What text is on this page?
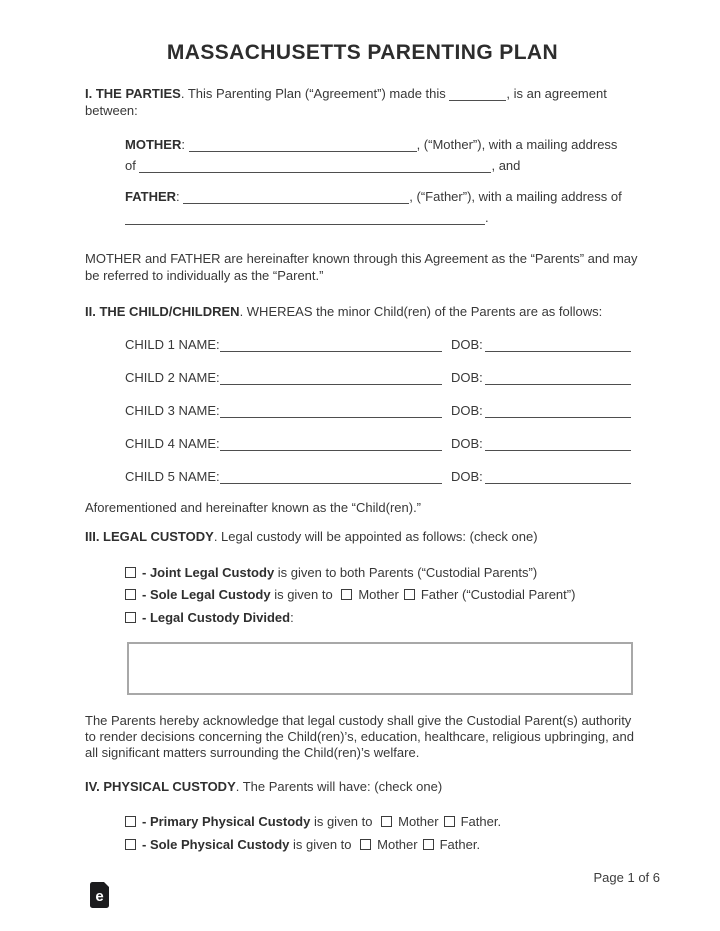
MASSACHUSETTS PARENTING PLAN

I. THE PARTIES. This Parenting Plan (“Agreement”) made this	, is an agreement between:

MOTHER:	, (“Mother”), with a mailing address
of	, and
FATHER:	, (“Father”), with a mailing address of
.

MOTHER and FATHER are hereinafter known through this Agreement as the “Parents” and may be referred to individually as the “Parent.”

II. THE CHILD/CHILDREN. WHEREAS the minor Child(ren) of the Parents are as follows:

CHILD 1 NAME:	DOB:
CHILD 2 NAME:	DOB:
CHILD 3 NAME:	DOB:
CHILD 4 NAME:	DOB:
CHILD 5 NAME:	DOB:

Aforementioned and hereinafter known as the “Child(ren).”

III. LEGAL CUSTODY. Legal custody will be appointed as follows: (check one)

- Joint Legal Custody is given to both Parents (“Custodial Parents”)
- Sole Legal Custody is given to Mother Father (“Custodial Parent”)
- Legal Custody Divided:

The Parents hereby acknowledge that legal custody shall give the Custodial Parent(s) authority to render decisions concerning the Child(ren)’s, education, healthcare, religious upbringing, and all significant matters surrounding the Child(ren)’s welfare.

IV. PHYSICAL CUSTODY. The Parents will have: (check one)

- Primary Physical Custody is given to Mother Father.
- Sole Physical Custody is given to Mother Father.
e
Page 1 of 6
